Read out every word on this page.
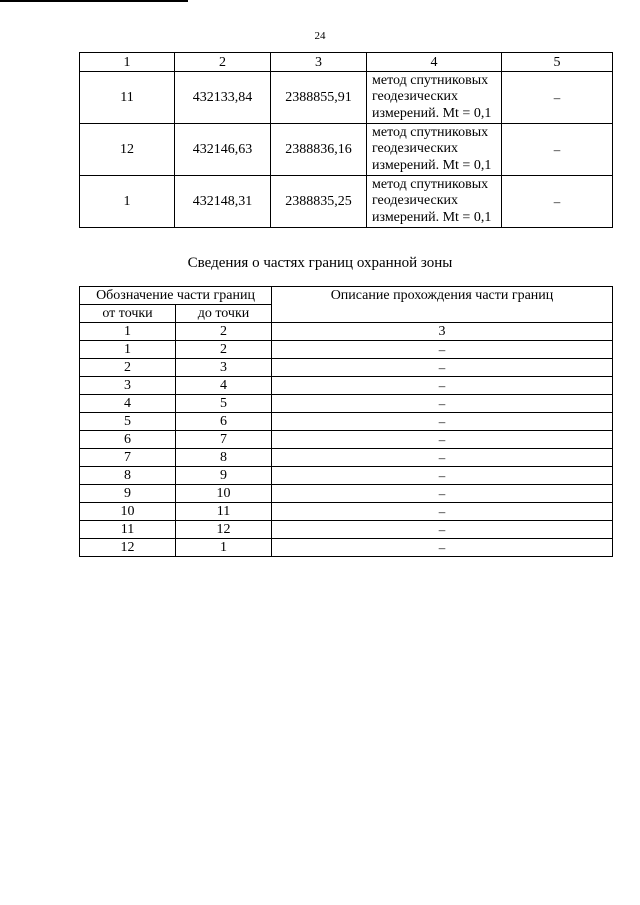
24
1	2	3	4	5
11	432133,84	2388855,91	метод спутниковых
геодезических
измерений. Mt = 0,1	–
12	432146,63	2388836,16	метод спутниковых
геодезических
измерений. Mt = 0,1	–
1	432148,31	2388835,25	метод спутниковых
геодезических
измерений. Mt = 0,1	–
Сведения о частях границ охранной зоны
Обозначение части границ		Описание прохождения части границ
от точки	до точки	
1	2	3
1	2	–
2	3	–
3	4	–
4	5	–
5	6	–
6	7	–
7	8	–
8	9	–
9	10	–
10	11	–
11	12	–
12	1	–
